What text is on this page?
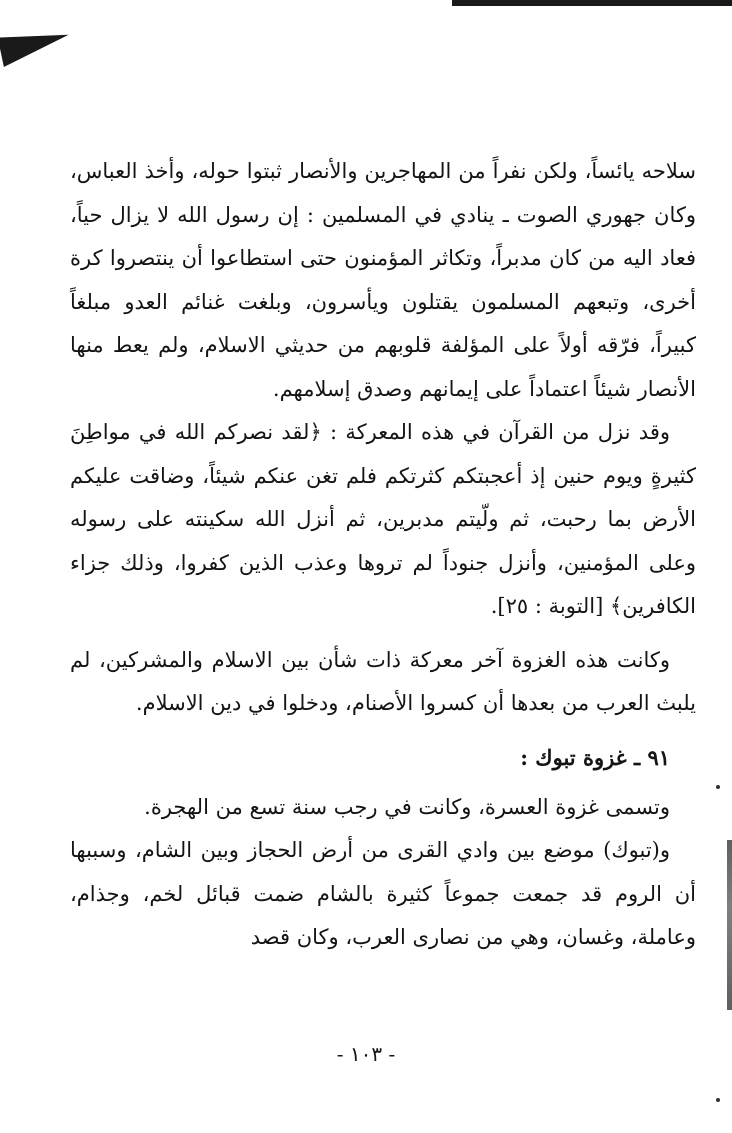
سلاحه يائساً، ولكن نفراً من المهاجرين والأنصار ثبتوا حوله، وأخذ العباس، وكان جهوري الصوت ـ ينادي في المسلمين : إن رسول الله لا يزال حياً، فعاد اليه من كان مدبراً، وتكاثر المؤمنون حتى استطاعوا أن ينتصروا كرة أخرى، وتبعهم المسلمون يقتلون ويأسرون، وبلغت غنائم العدو مبلغاً كبيراً، فرّقه أولاً على المؤلفة قلوبهم من حديثي الاسلام، ولم يعط منها الأنصار شيئاً اعتماداً على إيمانهم وصدق إسلامهم.

وقد نزل من القرآن في هذه المعركة : ﴿لقد نصركم الله في مواطِنَ كثيرةٍ ويوم حنين إذ أعجبتكم كثرتكم فلم تغن عنكم شيئاً، وضاقت عليكم الأرض بما رحبت، ثم ولّيتم مدبرين، ثم أنزل الله سكينته على رسوله وعلى المؤمنين، وأنزل جنوداً لم تروها وعذب الذين كفروا، وذلك جزاء الكافرين﴾ [التوبة : ٢٥].

وكانت هذه الغزوة آخر معركة ذات شأن بين الاسلام والمشركين، لم يلبث العرب من بعدها أن كسروا الأصنام، ودخلوا في دين الاسلام.

٩١ ـ غزوة تبوك :

وتسمى غزوة العسرة، وكانت في رجب سنة تسع من الهجرة.

و(تبوك) موضع بين وادي القرى من أرض الحجاز وبين الشام، وسببها أن الروم قد جمعت جموعاً كثيرة بالشام ضمت قبائل لخم، وجذام، وعاملة، وغسان، وهي من نصارى العرب، وكان قصد

- ١٠٣ -
